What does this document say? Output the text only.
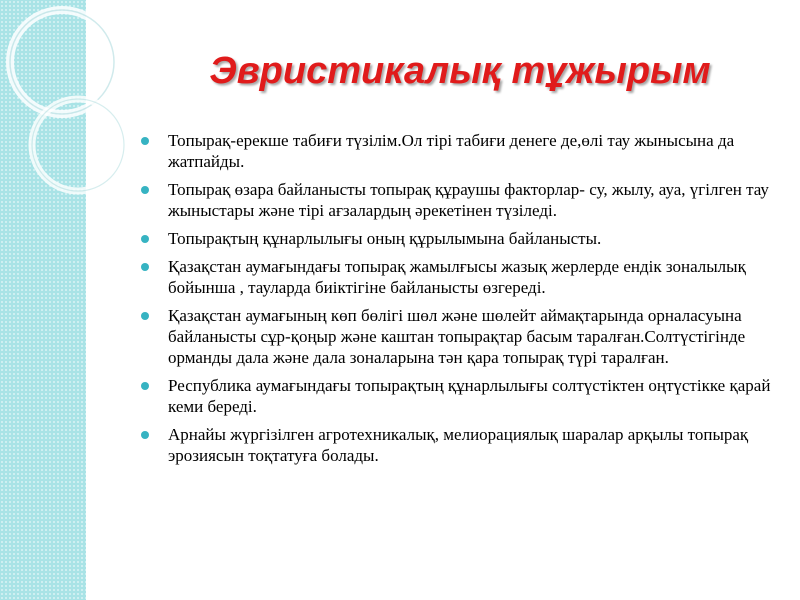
Эвристикалық тұжырым
Топырақ-ерекше табиғи түзілім.Ол тірі табиғи денеге де,өлі тау жынысына да жатпайды.
Топырақ өзара байланысты топырақ құраушы факторлар- су, жылу, ауа, үгілген тау жыныстары және тірі ағзалардың әрекетінен түзіледі.
Топырақтың құнарлылығы оның құрылымына байланысты.
Қазақстан аумағындағы топырақ жамылғысы жазық жерлерде ендік зоналылық бойынша , тауларда биіктігіне байланысты өзгереді.
Қазақстан аумағының көп бөлігі шөл және шөлейт аймақтарында орналасуына байланысты сұр-қоңыр және каштан топырақтар басым таралған.Солтүстігінде орманды дала және дала зоналарына тән қара топырақ түрі таралған.
Республика аумағындағы топырақтың құнарлылығы солтүстіктен оңтүстікке қарай кеми береді.
Арнайы жүргізілген агротехникалық, мелиорациялық шаралар арқылы топырақ эрозиясын тоқтатуға болады.
